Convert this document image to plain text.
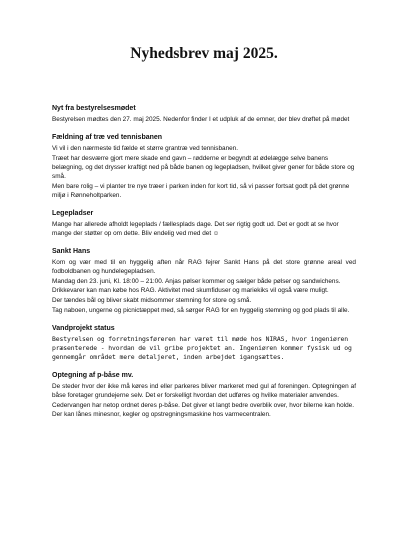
Nyhedsbrev maj 2025.
Nyt fra bestyrelsesmødet

Bestyrelsen mødtes den 27. maj 2025. Nedenfor finder I et udpluk af de emner, der blev drøftet på mødet

Fældning af træ ved tennisbanen

Vi vil i den nærmeste tid fælde et større grantræ ved tennisbanen.

Træet har desværre gjort mere skade end gavn – rødderne er begyndt at ødelægge selve banens belægning, og det drysser kraftigt ned på både banen og legepladsen, hvilket giver gener for både store og små.

Men bare rolig – vi planter tre nye træer i parken inden for kort tid, så vi passer fortsat godt på det grønne miljø i Rønneholtparken.

Legepladser

Mange har allerede afholdt legeplads / fællesplads dage. Det ser rigtig godt ud. Det er godt at se hvor mange der støtter op om dette. Bliv endelig ved med det ☺

Sankt Hans

Kom og vær med til en hyggelig aften når RAG fejrer Sankt Hans på det store grønne areal ved fodboldbanen og hundelegepladsen.

Mandag den 23. juni, Kl. 18:00 – 21:00. Anjas pølser kommer og sælger både pølser og sandwichens. Drikkevarer kan man købe hos RAG. Aktivitet med skumfiduser og mariekiks vil også være muligt.

Der tændes bål og bliver skabt midsommer stemning for store og små.

Tag naboen, ungerne og picnictæppet med, så sørger RAG for en hyggelig stemning og god plads til alle.

Vandprojekt status

Bestyrelsen og forretningsføreren har været til møde hos NIRAS, hvor ingeniøren præsenterede - hvordan de vil gribe projektet an. Ingeniøren kommer fysisk ud og gennemgår området mere detaljeret, inden arbejdet igangsættes.

Optegning af p-båse mv.

De steder hvor der ikke må køres ind eller parkeres bliver markeret med gul af foreningen. Optegningen af båse foretager grundejerne selv. Det er forskelligt hvordan det udføres og hvilke materialer anvendes.

Cedervangen har netop ordnet deres p-båse. Det giver et langt bedre overblik over, hvor bilerne kan holde. Der kan lånes minesnor, kegler og opstregningsmaskine hos varmecentralen.
